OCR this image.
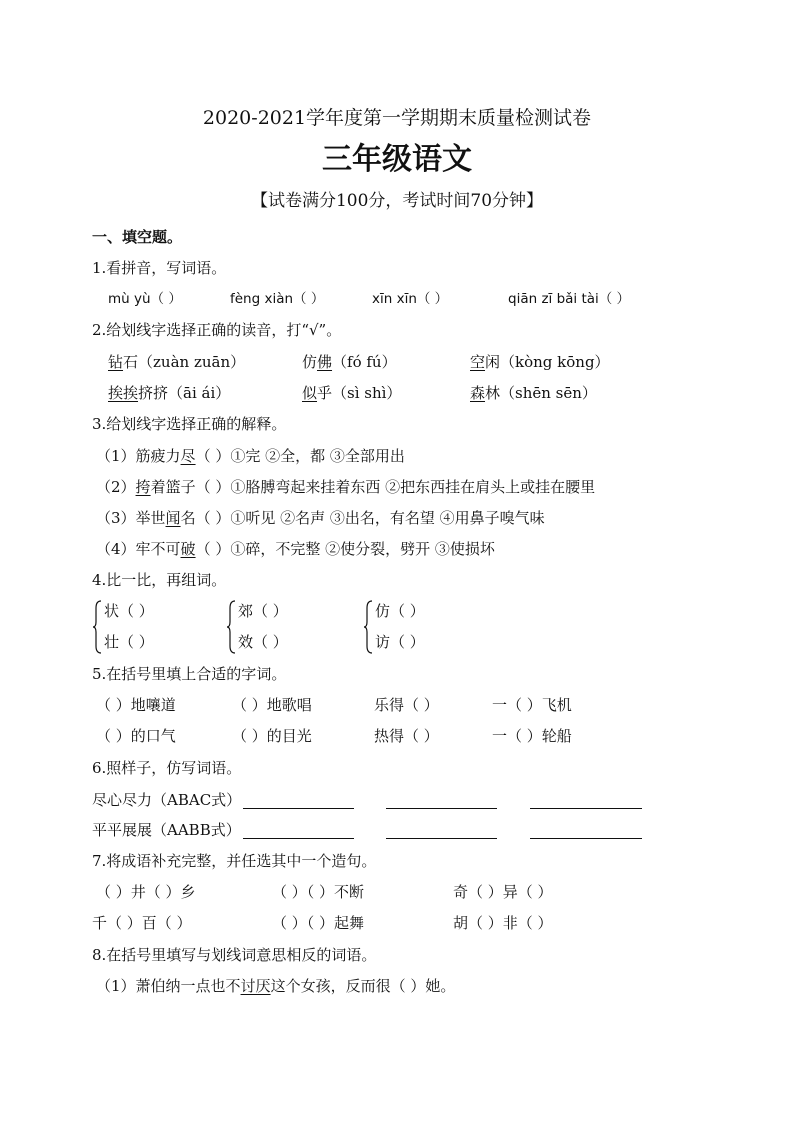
2020-2021学年度第一学期期末质量检测试卷
三年级语文
【试卷满分100分，考试时间70分钟】
一、填空题。
1.看拼音，写词语。
mù yù（ ）	fèng xiàn（ ）	xīn xīn（ ）	qiān zī bǎi tài（ ）
2.给划线字选择正确的读音，打“√”。
钻石（zuàn zuān）	仿佛（fó fú）	空闲（kòng kōng）
挨挨挤挤（āi ái）	似乎（sì shì）	森林（shēn sēn）
3.给划线字选择正确的解释。
（1）筋疲力尽（ ）①完 ②全，都 ③全部用出
（2）挎着篮子（ ）①胳膊弯起来挂着东西 ②把东西挂在肩头上或挂在腰里
（3）举世闻名（ ）①听见 ②名声 ③出名，有名望 ④用鼻子嗅气味
（4）牢不可破（ ）①碎，不完整 ②使分裂，劈开 ③使损坏
4.比一比，再组词。
状（ ）
壮（ ）
郊（ ）
效（ ）
仿（ ）
访（ ）
5.在括号里填上合适的字词。
（ ）地嚷道	（ ）地歌唱	乐得（ ）	一（ ）飞机
（ ）的口气	（ ）的目光	热得（ ）	一（ ）轮船
6.照样子，仿写词语。
尽心尽力（ABAC式）
平平展展（AABB式）
7.将成语补充完整，并任选其中一个造句。
（ ）井（ ）乡	（ ）（ ）不断	奇（ ）异（ ）
千（ ）百（ ）	（ ）（ ）起舞	胡（ ）非（ ）
8.在括号里填写与划线词意思相反的词语。
（1）萧伯纳一点也不讨厌这个女孩，反而很（ ）她。
